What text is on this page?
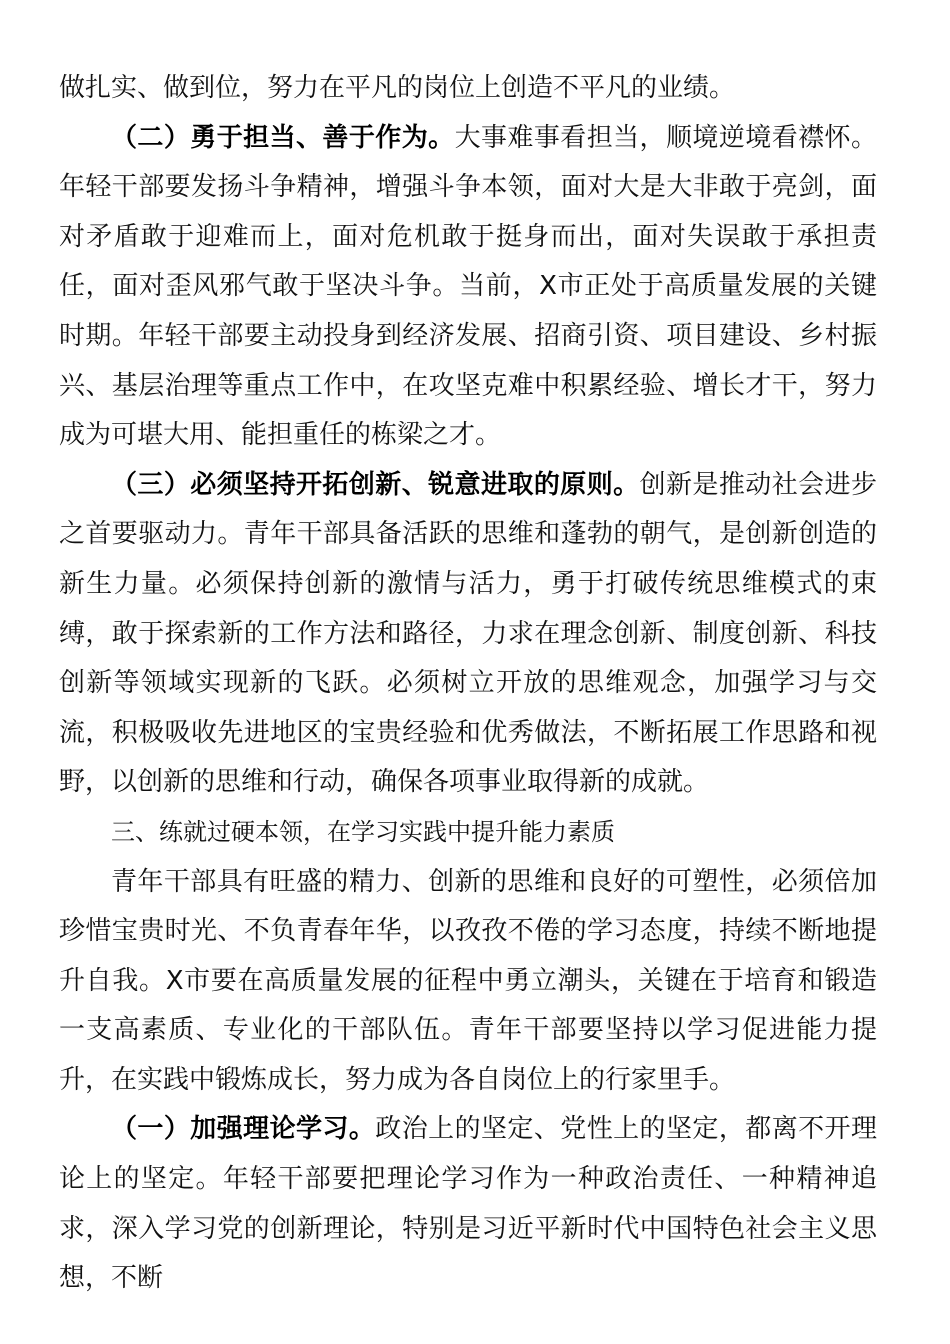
做扎实、做到位，努力在平凡的岗位上创造不平凡的业绩。

（二）勇于担当、善于作为。大事难事看担当，顺境逆境看襟怀。年轻干部要发扬斗争精神，增强斗争本领，面对大是大非敢于亮剑，面对矛盾敢于迎难而上，面对危机敢于挺身而出，面对失误敢于承担责任，面对歪风邪气敢于坚决斗争。当前，X市正处于高质量发展的关键时期。年轻干部要主动投身到经济发展、招商引资、项目建设、乡村振兴、基层治理等重点工作中，在攻坚克难中积累经验、增长才干，努力成为可堪大用、能担重任的栋梁之才。

（三）必须坚持开拓创新、锐意进取的原则。创新是推动社会进步之首要驱动力。青年干部具备活跃的思维和蓬勃的朝气，是创新创造的新生力量。必须保持创新的激情与活力，勇于打破传统思维模式的束缚，敢于探索新的工作方法和路径，力求在理念创新、制度创新、科技创新等领域实现新的飞跃。必须树立开放的思维观念，加强学习与交流，积极吸收先进地区的宝贵经验和优秀做法，不断拓展工作思路和视野，以创新的思维和行动，确保各项事业取得新的成就。

三、练就过硬本领，在学习实践中提升能力素质

青年干部具有旺盛的精力、创新的思维和良好的可塑性，必须倍加珍惜宝贵时光、不负青春年华，以孜孜不倦的学习态度，持续不断地提升自我。X市要在高质量发展的征程中勇立潮头，关键在于培育和锻造一支高素质、专业化的干部队伍。青年干部要坚持以学习促进能力提升，在实践中锻炼成长，努力成为各自岗位上的行家里手。

（一）加强理论学习。政治上的坚定、党性上的坚定，都离不开理论上的坚定。年轻干部要把理论学习作为一种政治责任、一种精神追求，深入学习党的创新理论，特别是习近平新时代中国特色社会主义思想，不断
